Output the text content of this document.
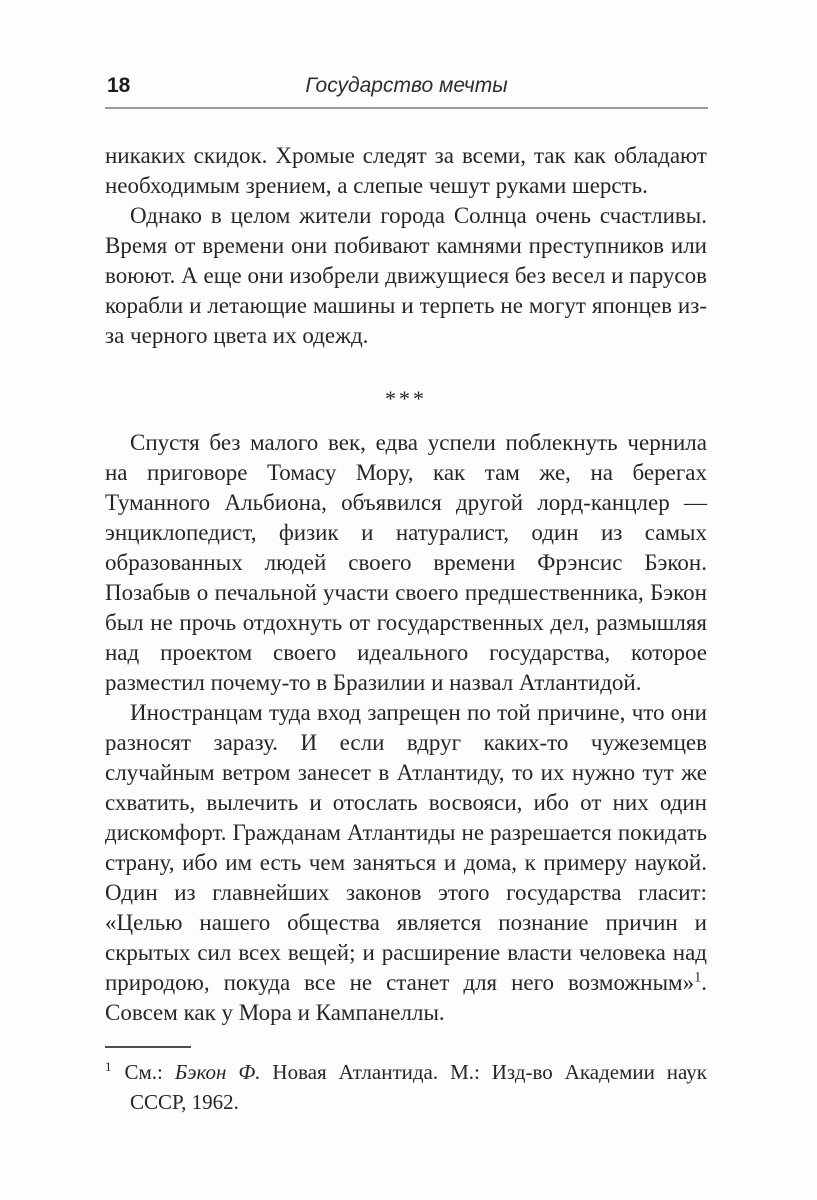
18	Государство мечты

никаких скидок. Хромые следят за всеми, так как обладают необходимым зрением, а слепые чешут руками шерсть.

Однако в целом жители города Солнца очень счастливы. Время от времени они побивают камнями преступников или воюют. А еще они изобрели движущиеся без весел и парусов корабли и летающие машины и терпеть не могут японцев из-за черного цвета их одежд.

***

Спустя без малого век, едва успели поблекнуть чернила на приговоре Томасу Мору, как там же, на берегах Туманного Альбиона, объявился другой лорд-канцлер — энциклопедист, физик и натуралист, один из самых образованных людей своего времени Фрэнсис Бэкон. Позабыв о печальной участи своего предшественника, Бэкон был не прочь отдохнуть от государственных дел, размышляя над проектом своего идеального государства, которое разместил почему-то в Бразилии и назвал Атлантидой.

Иностранцам туда вход запрещен по той причине, что они разносят заразу. И если вдруг каких-то чужеземцев случайным ветром занесет в Атлантиду, то их нужно тут же схватить, вылечить и отослать восвояси, ибо от них один дискомфорт. Гражданам Атлантиды не разрешается покидать страну, ибо им есть чем заняться и дома, к примеру наукой. Один из главнейших законов этого государства гласит: «Целью нашего общества является познание причин и скрытых сил всех вещей; и расширение власти человека над природою, покуда все не станет для него возможным»$^1$. Совсем как у Мора и Кампанеллы.

$^1$ См.: Бэкон Ф. Новая Атлантида. М.: Изд-во Академии наук СССР, 1962.
